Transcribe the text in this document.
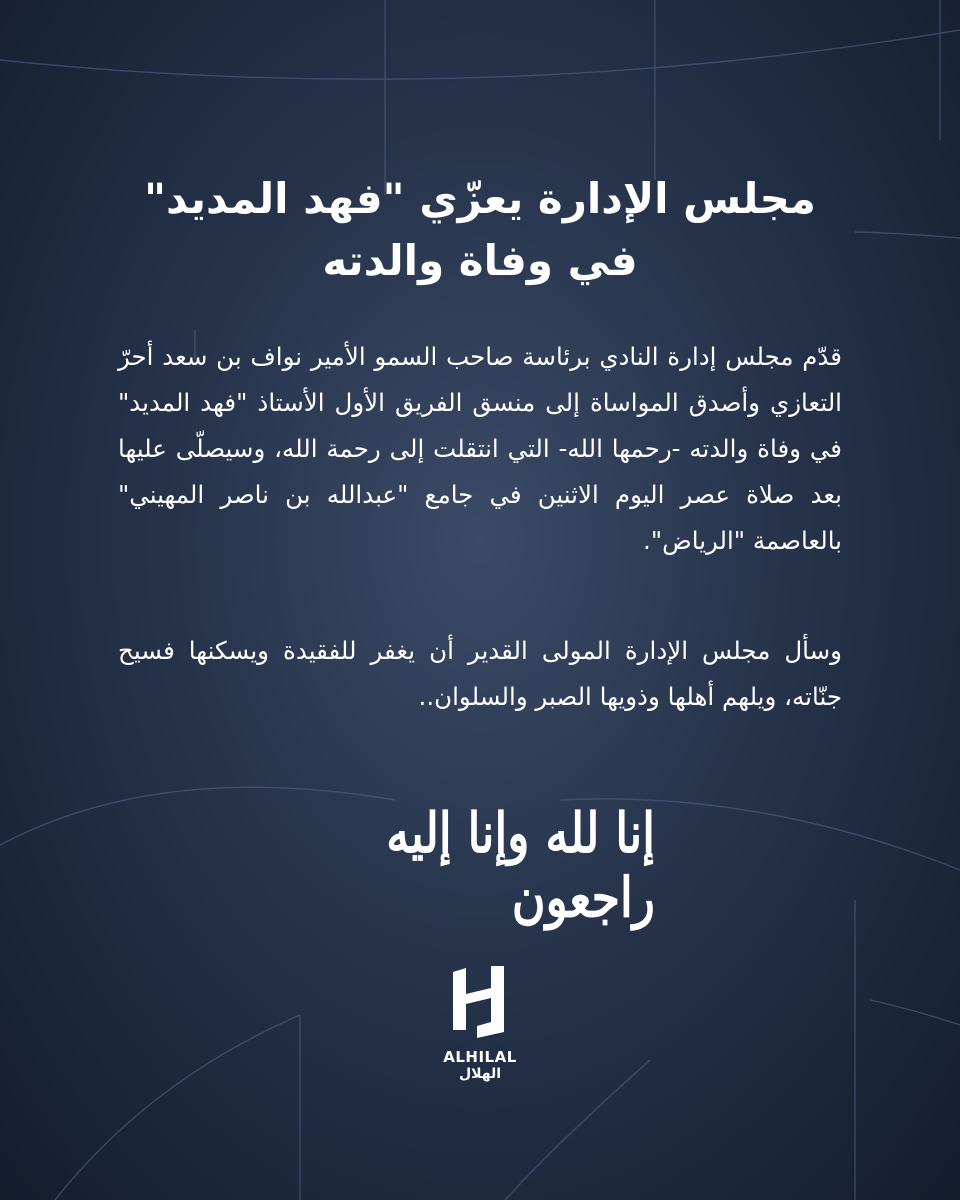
مجلس الإدارة يعزّي "فهد المديد"
في وفاة والدته
قدّم مجلس إدارة النادي برئاسة صاحب السمو الأمير نواف بن سعد أحرّ التعازي وأصدق المواساة إلى منسق الفريق الأول الأستاذ "فهد المديد" في وفاة والدته -رحمها الله- التي انتقلت إلى رحمة الله، وسيصلّى عليها بعد صلاة عصر اليوم الاثنين في جامع "عبدالله بن ناصر المهيني" بالعاصمة "الرياض".
وسأل مجلس الإدارة المولى القدير أن يغفر للفقيدة ويسكنها فسيح جنّاته، ويلهم أهلها وذويها الصبر والسلوان..
إنا لله وإنا إليه راجعون
ALHILAL
الهلال
